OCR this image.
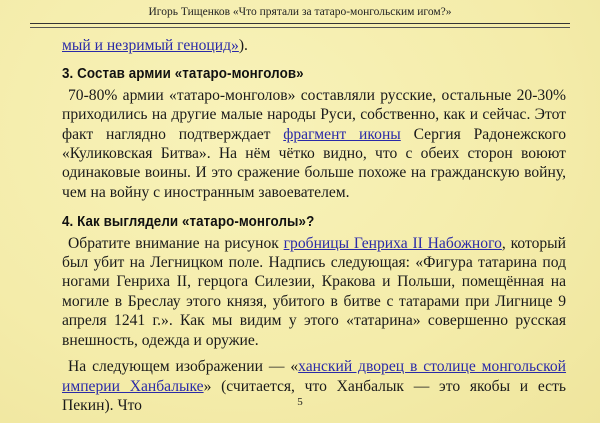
Игорь Тищенков «Что прятали за татаро-монгольским игом?»

мый и незримый геноцид»).

3. Состав армии «татаро-монголов»

70-80% армии «татаро-монголов» составляли русские, остальные 20-30% приходились на другие малые народы Руси, собственно, как и сейчас. Этот факт наглядно подтверждает фрагмент иконы Сергия Радонежского «Куликовская Битва». На нём чётко видно, что с обеих сторон воюют одинаковые воины. И это сражение больше похоже на гражданскую войну, чем на войну с иностранным завоевателем.

4. Как выглядели «татаро-монголы»?

Обратите внимание на рисунок гробницы Генриха II Набожного, который был убит на Легницком поле. Надпись следующая: «Фигура татарина под ногами Генриха II, герцога Силезии, Кракова и Польши, помещённая на могиле в Бреслау этого князя, убитого в битве с татарами при Лигнице 9 апреля 1241 г.». Как мы видим у этого «татарина» совершенно русская внешность, одежда и оружие.

На следующем изображении — «ханский дворец в столице монгольской империи Ханбалыке» (считается, что Ханбалык — это якобы и есть Пекин). Что	5
